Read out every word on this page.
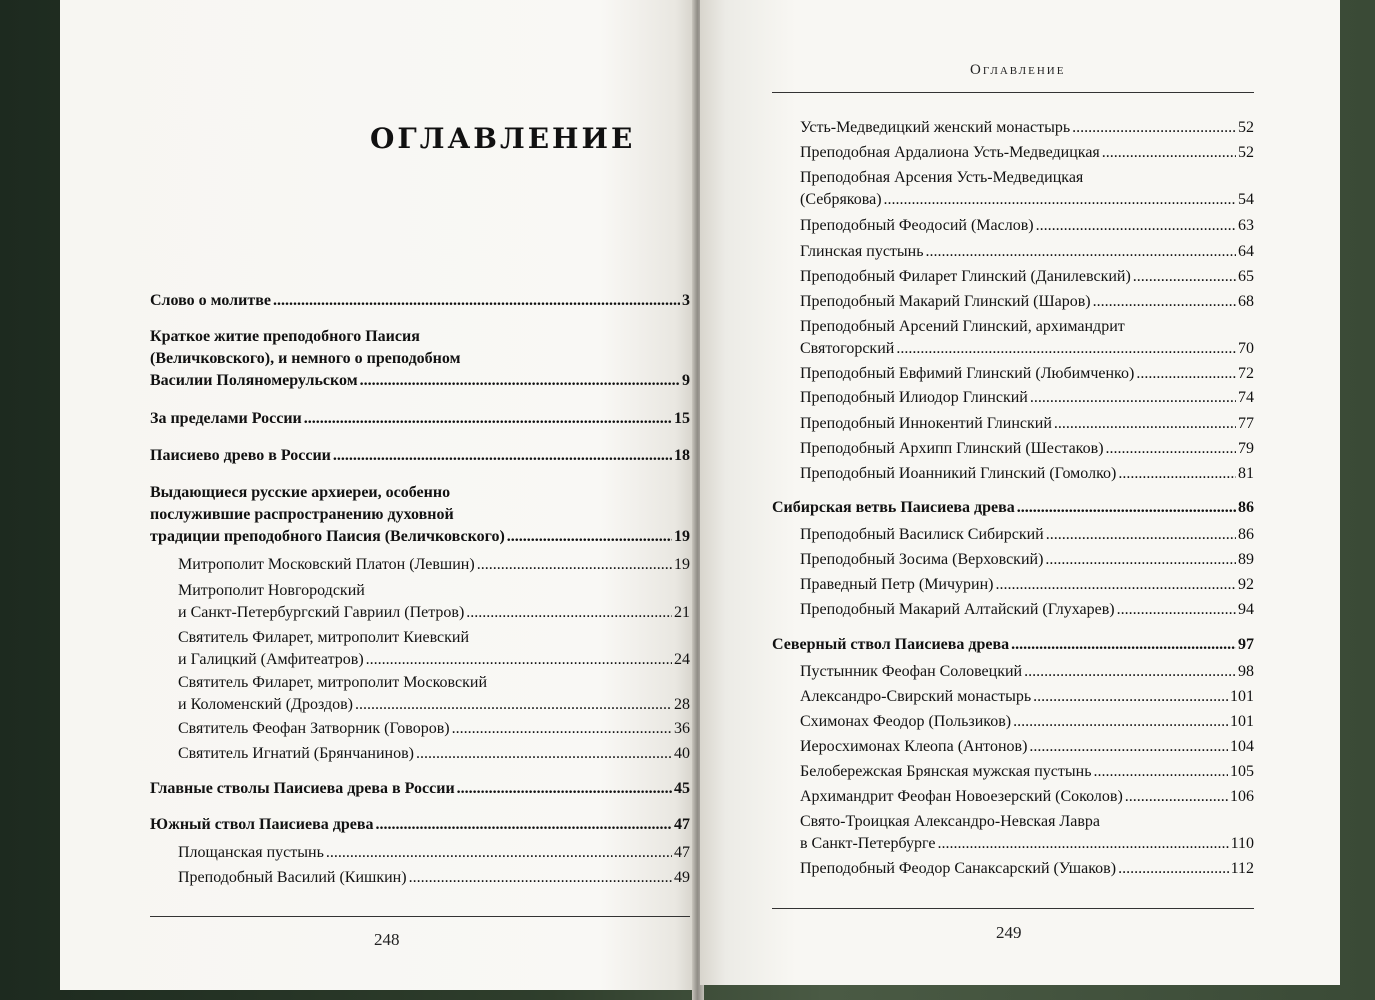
ОГЛАВЛЕНИЕ
Слово о молитве .....	3
Краткое житие преподобного Паисия
(Величковского), и немного о преподобном
Василии Поляномерульском .....	9
За пределами России .....	15
Паисиево древо в России .....	18
Выдающиеся русские архиереи, особенно
послужившие распространению духовной
традиции преподобного Паисия (Величковского) .....	19
Митрополит Московский Платон (Левшин) .....	19
Митрополит Новгородский
и Санкт-Петербургский Гавриил (Петров) .....	21
Святитель Филарет, митрополит Киевский
и Галицкий (Амфитеатров) .....	24
Святитель Филарет, митрополит Московский
и Коломенский (Дроздов) .....	28
Святитель Феофан Затворник (Говоров) .....	36
Святитель Игнатий (Брянчанинов) .....	40
Главные стволы Паисиева древа в России .....	45
Южный ствол Паисиева древа .....	47
Площанская пустынь .....	47
Преподобный Василий (Кишкин) .....	49
248
Оглавление
Усть-Медведицкий женский монастырь .....	52
Преподобная Ардалиона Усть-Медведицкая .....	52
Преподобная Арсения Усть-Медведицкая
(Себрякова) .....	54
Преподобный Феодосий (Маслов) .....	63
Глинская пустынь .....	64
Преподобный Филарет Глинский (Данилевский) .....	65
Преподобный Макарий Глинский (Шаров) .....	68
Преподобный Арсений Глинский, архимандрит
Святогорский .....	70
Преподобный Евфимий Глинский (Любимченко) .....	72
Преподобный Илиодор Глинский .....	74
Преподобный Иннокентий Глинский .....	77
Преподобный Архипп Глинский (Шестаков) .....	79
Преподобный Иоанникий Глинский (Гомолко) .....	81
Сибирская ветвь Паисиева древа .....	86
Преподобный Василиск Сибирский .....	86
Преподобный Зосима (Верховский) .....	89
Праведный Петр (Мичурин) .....	92
Преподобный Макарий Алтайский (Глухарев) .....	94
Северный ствол Паисиева древа .....	97
Пустынник Феофан Соловецкий .....	98
Александро-Свирский монастырь .....	101
Схимонах Феодор (Пользиков) .....	101
Иеросхимонах Клеопа (Антонов) .....	104
Белобережская Брянская мужская пустынь .....	105
Архимандрит Феофан Новоезерский (Соколов) .....	106
Свято-Троицкая Александро-Невская Лавра
в Санкт-Петербурге .....	110
Преподобный Феодор Санаксарский (Ушаков) .....	112
249
